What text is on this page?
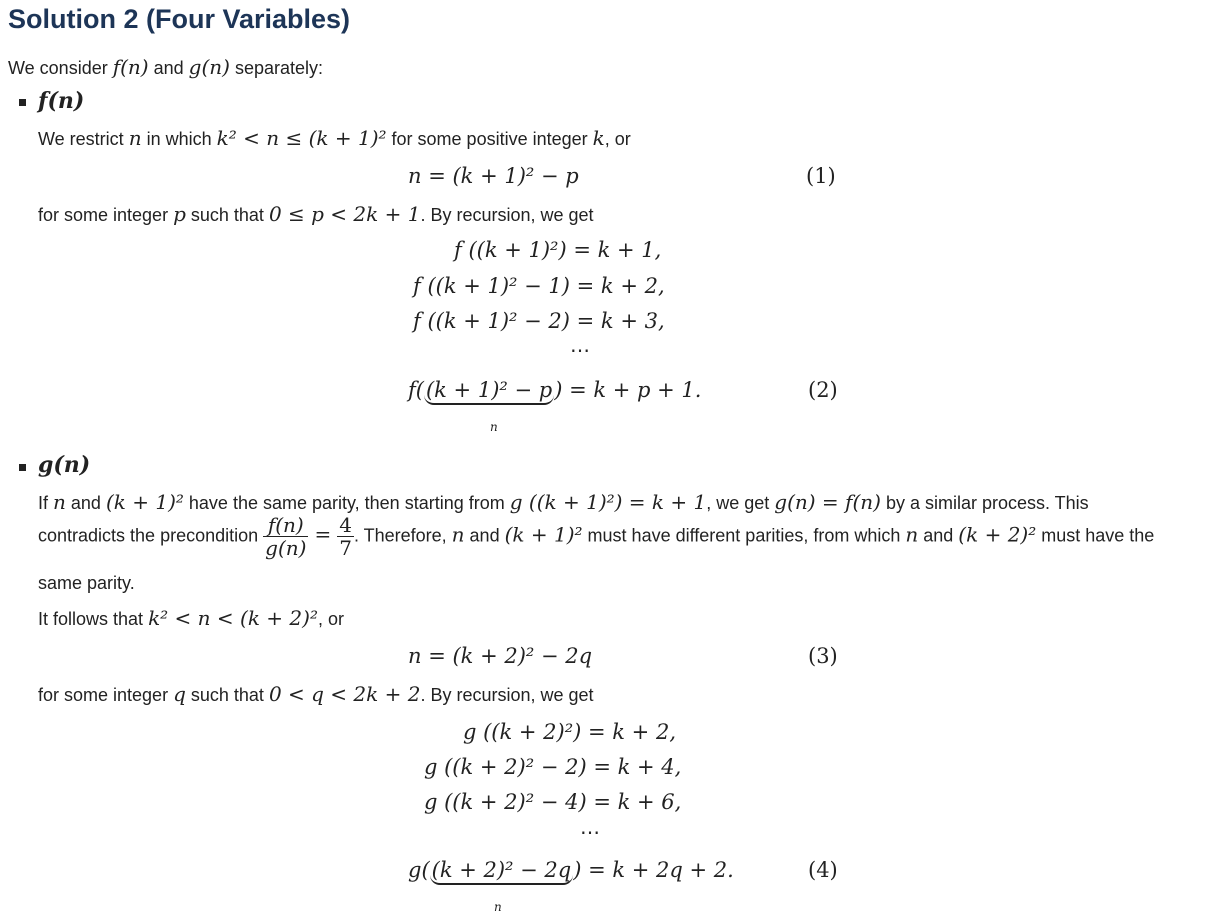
Solution 2 (Four Variables)
We consider f(n) and g(n) separately:
f(n)
We restrict n in which k² < n ≤ (k + 1)² for some positive integer k, or
n = (k + 1)² − p	(1)
for some integer p such that 0 ≤ p < 2k + 1. By recursion, we get
f ((k + 1)²) = k + 1,
f ((k + 1)² − 1) = k + 2,
f ((k + 1)² − 2) = k + 3,
⋯
f((k + 1)² − p) = k + p + 1.
n
(2)
g(n)
If n and (k + 1)² have the same parity, then starting from g ((k + 1)²) = k + 1, we get g(n) = f(n) by a similar process. This
contradicts the precondition $\frac{f(n)}{g(n)} = \frac{4}{7}$ . Therefore, n and (k + 1)² must have different parities, from which n and (k + 2)² must have the
same parity.
It follows that k² < n < (k + 2)², or
n = (k + 2)² − 2q	(3)
for some integer q such that 0 < q < 2k + 2. By recursion, we get
g ((k + 2)²) = k + 2,
g ((k + 2)² − 2) = k + 4,
g ((k + 2)² − 4) = k + 6,
⋯
g((k + 2)² − 2q) = k + 2q + 2.
n
(4)
